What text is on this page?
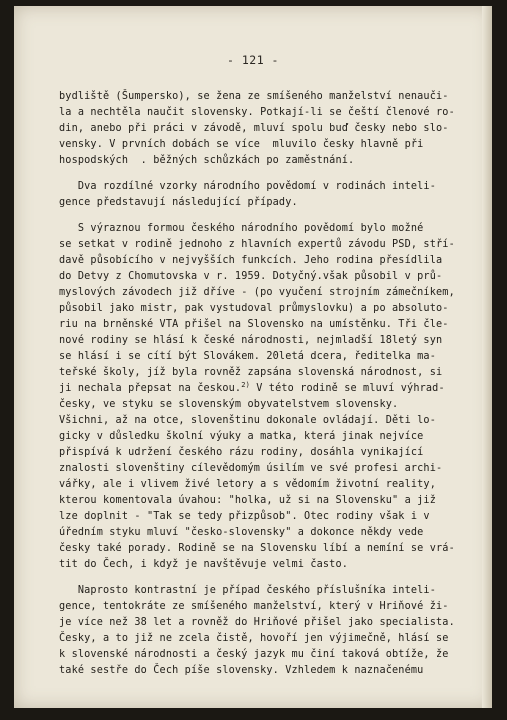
- 121 -
bydliště (Šumpersko), se žena ze smíšeného manželství nenauči-
la a nechtěla naučit slovensky. Potkají-li se čeští členové ro-
din, anebo při práci v závodě, mluví spolu buď česky nebo slo-
vensky. V prvních dobách se více  mluvilo česky hlavně při
hospodských  . běžných schůzkách po zaměstnání.
Dva rozdílné vzorky národního povědomí v rodinách inteli-
gence představují následující případy.
S výraznou formou českého národního povědomí bylo možné
se setkat v rodině jednoho z hlavních expertů závodu PSD, stří-
davě působícího v nejvyšších funkcích. Jeho rodina přesídlila
do Detvy z Chomutovska v r. 1959. Dotyčný.však působil v prů-
myslových závodech již dříve - (po vyučení strojním zámečníkem,
působil jako mistr, pak vystudoval průmyslovku) a po absoluto-
riu na brněnské VTA přišel na Slovensko na umístěnku. Tři čle-
nové rodiny se hlásí k české národnosti, nejmladší 18letý syn
se hlásí i se cítí být Slovákem. 20letá dcera, ředitelka ma-
teřské školy, jíž byla rovněž zapsána slovenská národnost, si
ji nechala přepsat na českou.$^{2)}$ V této rodině se mluví výhrad-
česky, ve styku se slovenským obyvatelstvem slovensky.
Všichni, až na otce, slovenštinu dokonale ovládají. Děti lo-
gicky v důsledku školní výuky a matka, která jinak nejvíce
přispívá k udržení českého rázu rodiny, dosáhla vynikající
znalosti slovenštiny cílevědomým úsilím ve své profesi archi-
vářky, ale i vlivem živé letory a s vědomím životní reality,
kterou komentovala úvahou: "holka, už si na Slovensku" a již
lze doplnit - "Tak se tedy přizpůsob". Otec rodiny však i v
úředním styku mluví "česko-slovensky" a dokonce někdy vede
česky také porady. Rodině se na Slovensku líbí a nemíní se vrá-
tit do Čech, i když je navštěvuje velmi často.
Naprosto kontrastní je případ českého příslušníka inteli-
gence, tentokráte ze smíšeného manželství, který v Hriňové ži-
je více než 38 let a rovněž do Hriňové přišel jako specialista.
Česky, a to již ne zcela čistě, hovoří jen výjimečně, hlásí se
k slovenské národnosti a český jazyk mu činí taková obtíže, že
také sestře do Čech píše slovensky. Vzhledem k naznačenému
